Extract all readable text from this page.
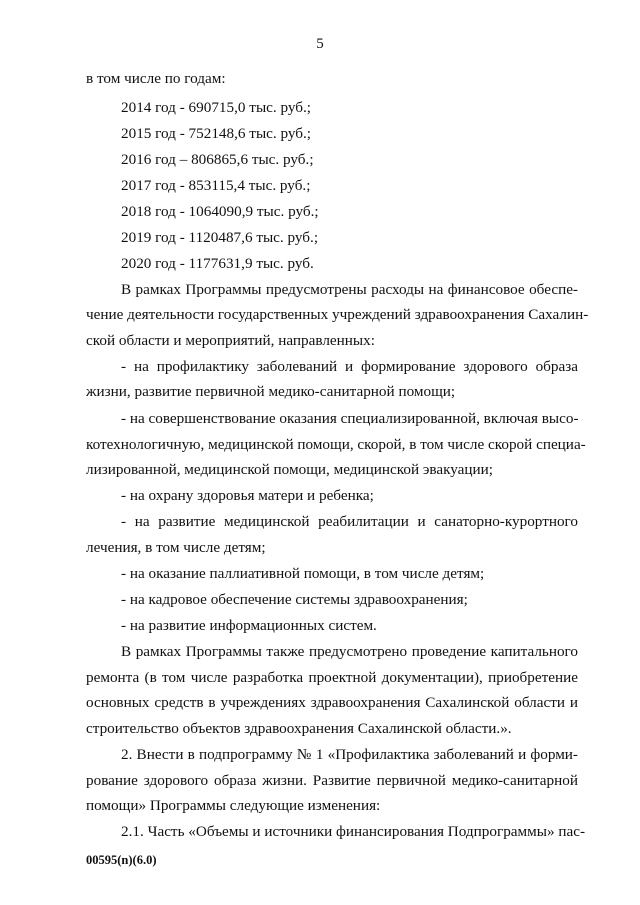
5
в том числе по годам:
2014 год - 690715,0 тыс. руб.;
2015 год - 752148,6 тыс. руб.;
2016 год – 806865,6 тыс. руб.;
2017 год - 853115,4 тыс. руб.;
2018 год - 1064090,9 тыс. руб.;
2019 год - 1120487,6 тыс. руб.;
2020 год - 1177631,9 тыс. руб.
В рамках Программы предусмотрены расходы на финансовое обеспе-
чение деятельности государственных учреждений здравоохранения Сахалин-
ской области и мероприятий, направленных:
- на профилактику заболеваний и формирование здорового образа
жизни, развитие первичной медико-санитарной помощи;
- на совершенствование оказания специализированной, включая высо-
котехнологичную, медицинской помощи, скорой, в том числе скорой специа-
лизированной, медицинской помощи, медицинской эвакуации;
- на охрану здоровья матери и ребенка;
- на развитие медицинской реабилитации и санаторно-курортного
лечения, в том числе детям;
- на оказание паллиативной помощи, в том числе детям;
- на кадровое обеспечение системы здравоохранения;
- на развитие информационных систем.
В рамках Программы также предусмотрено проведение капитального
ремонта (в том числе разработка проектной документации), приобретение
основных средств в учреждениях здравоохранения Сахалинской области и
строительство объектов здравоохранения Сахалинской области.».
2. Внести в подпрограмму № 1 «Профилактика заболеваний и форми-
рование здорового образа жизни. Развитие первичной медико-санитарной
помощи» Программы следующие изменения:
2.1. Часть «Объемы и источники финансирования Подпрограммы» пас-
00595(n)(6.0)
